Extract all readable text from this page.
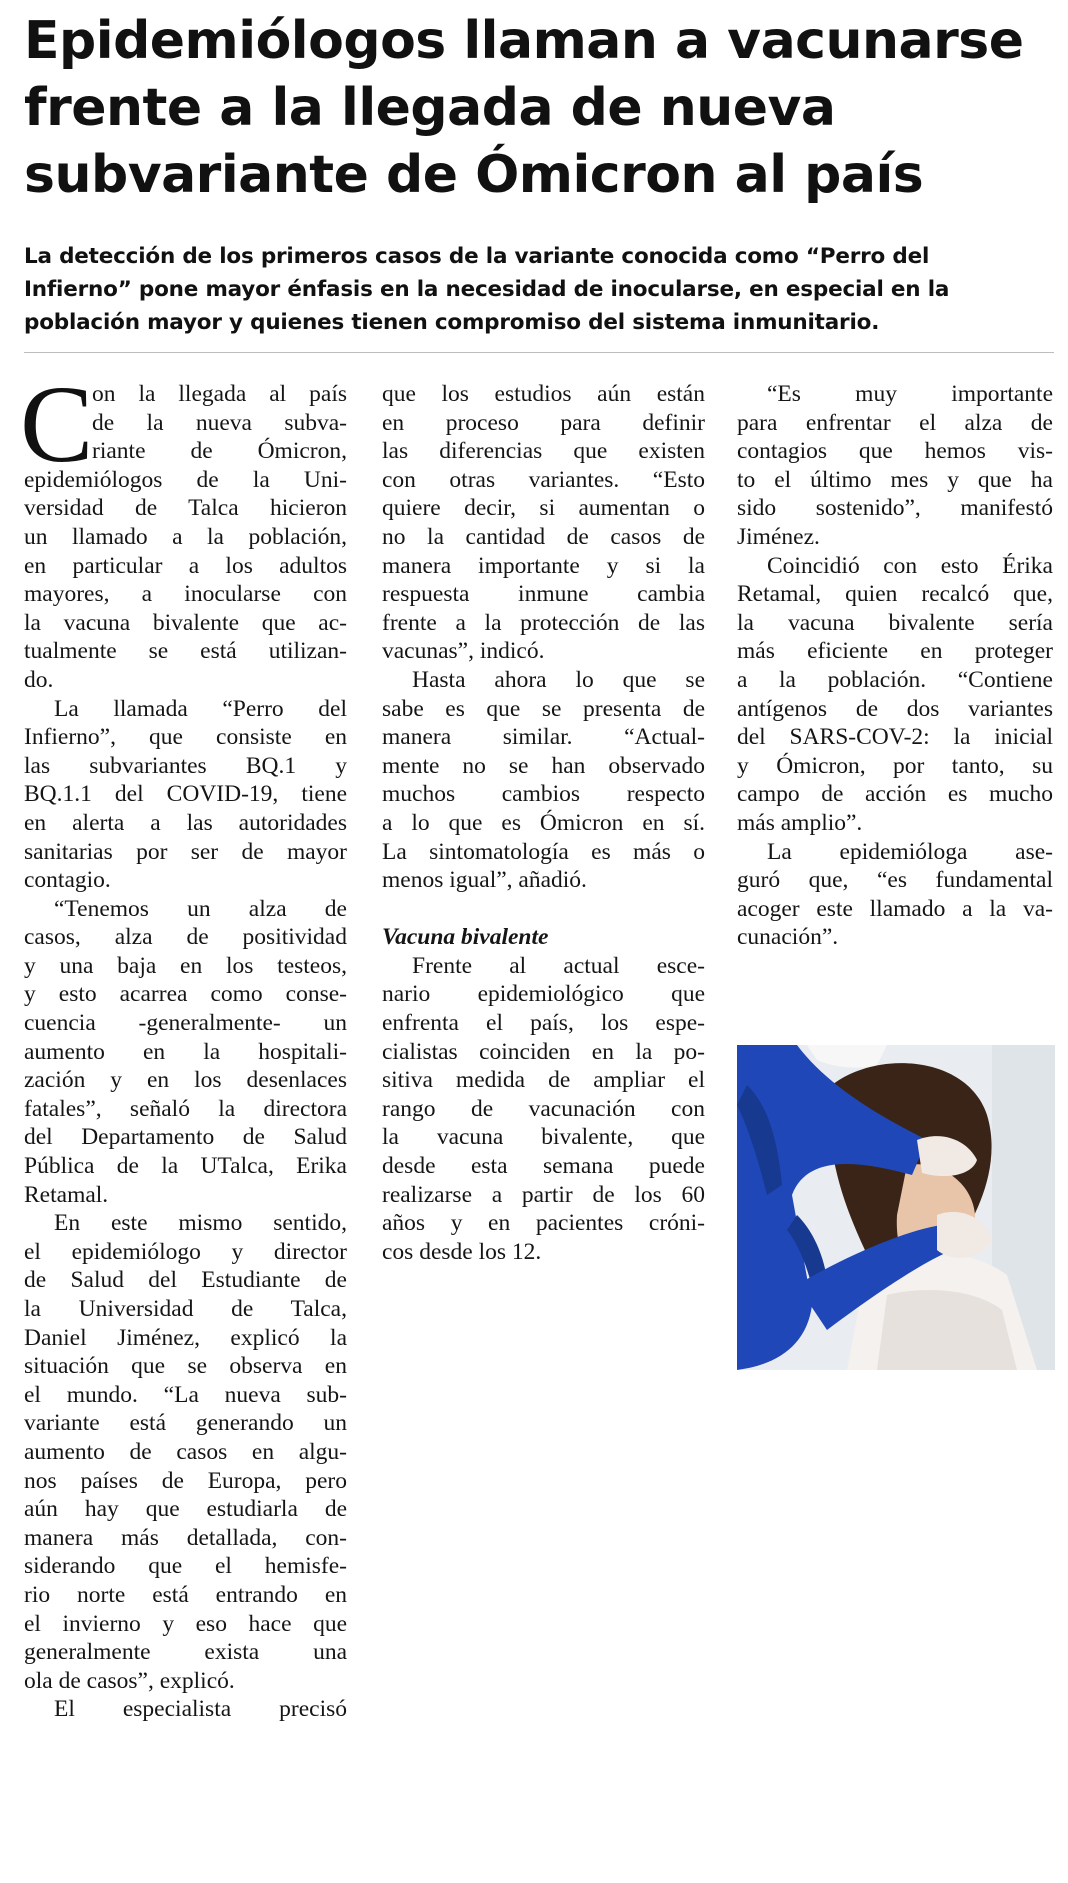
Epidemiólogos llaman a vacunarse
frente a la llegada de nueva
subvariante de Ómicron al país

La detección de los primeros casos de la variante conocida como “Perro del
Infierno” pone mayor énfasis en la necesidad de inocularse, en especial en la
población mayor y quienes tienen compromiso del sistema inmunitario.

C
on la llegada al país
de la nueva subva-
riante de Ómicron,
epidemiólogos de la Uni-
versidad de Talca hicieron
un llamado a la población,
en particular a los adultos
mayores, a inocularse con
la vacuna bivalente que ac-
tualmente se está utilizan-
do.
La llamada “Perro del
Infierno”, que consiste en
las subvariantes BQ.1 y
BQ.1.1 del COVID-19, tiene
en alerta a las autoridades
sanitarias por ser de mayor
contagio.
“Tenemos un alza de
casos, alza de positividad
y una baja en los testeos,
y esto acarrea como conse-
cuencia -generalmente- un
aumento en la hospitali-
zación y en los desenlaces
fatales”, señaló la directora
del Departamento de Salud
Pública de la UTalca, Erika
Retamal.
En este mismo sentido,
el epidemiólogo y director
de Salud del Estudiante de
la Universidad de Talca,
Daniel Jiménez, explicó la
situación que se observa en
el mundo. “La nueva sub-
variante está generando un
aumento de casos en algu-
nos países de Europa, pero
aún hay que estudiarla de
manera más detallada, con-
siderando que el hemisfe-
rio norte está entrando en
el invierno y eso hace que
generalmente exista una
ola de casos”, explicó.
El especialista precisó
que los estudios aún están
en proceso para definir
las diferencias que existen
con otras variantes. “Esto
quiere decir, si aumentan o
no la cantidad de casos de
manera importante y si la
respuesta inmune cambia
frente a la protección de las
vacunas”, indicó.
Hasta ahora lo que se
sabe es que se presenta de
manera similar. “Actual-
mente no se han observado
muchos cambios respecto
a lo que es Ómicron en sí.
La sintomatología es más o
menos igual”, añadió.
Vacuna bivalente
Frente al actual esce-
nario epidemiológico que
enfrenta el país, los espe-
cialistas coinciden en la po-
sitiva medida de ampliar el
rango de vacunación con
la vacuna bivalente, que
desde esta semana puede
realizarse a partir de los 60
años y en pacientes cróni-
cos desde los 12.
“Es muy importante
para enfrentar el alza de
contagios que hemos vis-
to el último mes y que ha
sido sostenido”, manifestó
Jiménez.
Coincidió con esto Érika
Retamal, quien recalcó que,
la vacuna bivalente sería
más eficiente en proteger
a la población. “Contiene
antígenos de dos variantes
del SARS-COV-2: la inicial
y Ómicron, por tanto, su
campo de acción es mucho
más amplio”.
La epidemióloga ase-
guró que, “es fundamental
acoger este llamado a la va-
cunación”.
